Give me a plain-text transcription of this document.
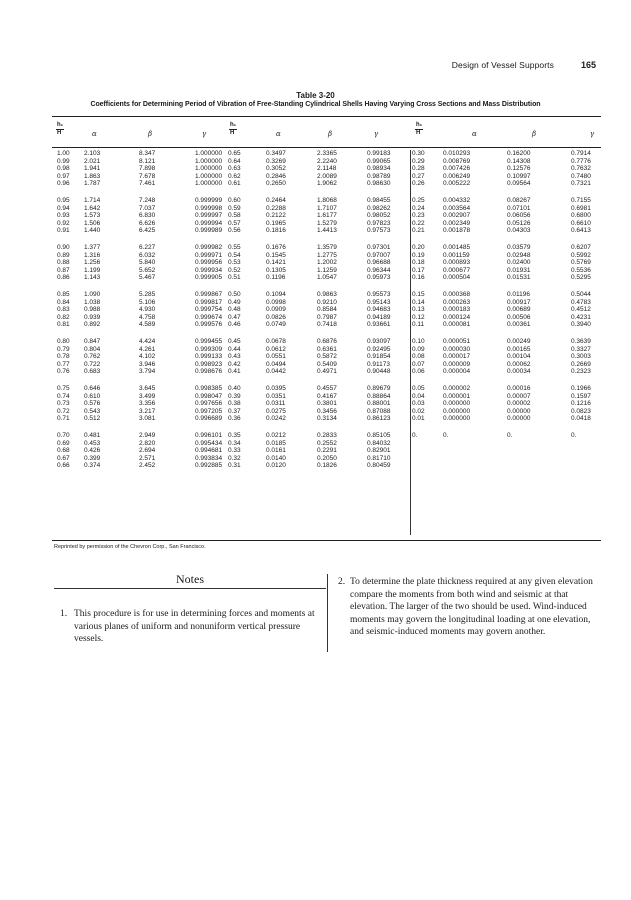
Design of Vessel Supports	165
Table 3-20
Coefficients for Determining Period of Vibration of Free-Standing Cylindrical Shells Having Varying Cross Sections and Mass Distribution
$\frac{\text{h₁}}{H}$	α	β	γ	$\frac{\text{h₁}}{H}$	α	β	γ	$\frac{\text{h₁}}{H}$	α	β	γ
1.00 2.103	8.347	1.000000 0.65	0.3497	2.3365	0.99183	0.30	0.010293	0.16200	0.7914
0.99 2.021	8.121	1.000000 0.64	0.3269	2.2240	0.99065	0.29	0.008769	0.14308	0.7776
0.98 1.941	7.898	1.000000 0.63	0.3052	2.1148	0.98934	0.28	0.007426	0.12576	0.7632
0.97 1.863	7.678	1.000000 0.62	0.2846	2.0089	0.98789	0.27	0.006249	0.10997	0.7480
0.96 1.787	7.461	1.000000 0.61	0.2650	1.9062	0.98630	0.26	0.005222	0.09564	0.7321
0.95 1.714	7.248	0.999999 0.60	0.2464	1.8068	0.98455	0.25	0.004332	0.08267	0.7155
0.94 1.642	7.037	0.999998 0.59	0.2288	1.7107	0.98262	0.24	0.003564	0.07101	0.6981
0.93 1.573	6.830	0.999997 0.58	0.2122	1.6177	0.98052	0.23	0.002907	0.06056	0.6800
0.92 1.506	6.626	0.999994 0.57	0.1965	1.5279	0.97823	0.22	0.002349	0.05126	0.6610
0.91 1.440	6.425	0.999989 0.56	0.1816	1.4413	0.97573	0.21	0.001878	0.04303	0.6413
0.90 1.377	6.227	0.999982 0.55	0.1676	1.3579	0.97301	0.20	0.001485	0.03579	0.6207
0.89 1.316	6.032	0.999971 0.54	0.1545	1.2775	0.97007	0.19	0.001159	0.02948	0.5992
0.88 1.256	5.840	0.999956 0.53	0.1421	1.2002	0.96688	0.18	0.000893	0.02400	0.5769
0.87 1.199	5.652	0.999934 0.52	0.1305	1.1259	0.96344	0.17	0.000677	0.01931	0.5536
0.86 1.143	5.467	0.999905 0.51	0.1196	1.0547	0.95973	0.16	0.000504	0.01531	0.5295
0.85 1.090	5.285	0.999867 0.50	0.1094	0.9863	0.95573	0.15	0.000368	0.01196	0.5044
0.84 1.038	5.106	0.999817 0.49	0.0998	0.9210	0.95143	0.14	0.000263	0.00917	0.4783
0.83 0.988	4.930	0.999754 0.48	0.0909	0.8584	0.94683	0.13	0.000183	0.00689	0.4512
0.82 0.939	4.758	0.999674 0.47	0.0826	0.7987	0.94189	0.12	0.000124	0.00506	0.4231
0.81 0.892	4.589	0.999576 0.46	0.0749	0.7418	0.93661	0.11	0.000081	0.00361	0.3940
0.80 0.847	4.424	0.999455 0.45	0.0678	0.6876	0.93097	0.10	0.000051	0.00249	0.3639
0.79 0.804	4.261	0.999309 0.44	0.0612	0.6361	0.92495	0.09	0.000030	0.00165	0.3327
0.78 0.762	4.102	0.999133 0.43	0.0551	0.5872	0.91854	0.08	0.000017	0.00104	0.3003
0.77 0.722	3.946	0.998923 0.42	0.0494	0.5409	0.91173	0.07	0.000009	0.00062	0.2669
0.76 0.683	3.794	0.998676 0.41	0.0442	0.4971	0.90448	0.06	0.000004	0.00034	0.2323
0.75 0.646	3.645	0.998385 0.40	0.0395	0.4557	0.89679	0.05	0.000002	0.00016	0.1966
0.74 0.610	3.499	0.998047 0.39	0.0351	0.4167	0.88864	0.04	0.000001	0.00007	0.1597
0.73 0.576	3.356	0.997656 0.38	0.0311	0.3801	0.88001	0.03	0.000000	0.00002	0.1216
0.72 0.543	3.217	0.997205 0.37	0.0275	0.3456	0.87088	0.02	0.000000	0.00000	0.0823
0.71 0.512	3.081	0.996689 0.36	0.0242	0.3134	0.86123	0.01	0.000000	0.00000	0.0418
0.70 0.481	2.949	0.996101 0.35	0.0212	0.2833	0.85105	0.	0.	0.	0.
0.69 0.453	2.820	0.995434 0.34	0.0185	0.2552	0.84032
0.68 0.426	2.694	0.994681 0.33	0.0161	0.2291	0.82901
0.67 0.399	2.571	0.993834 0.32	0.0140	0.2050	0.81710
0.66 0.374	2.452	0.992885 0.31	0.0120	0.1826	0.80459
Reprinted by permission of the Chevron Corp., San Francisco.
Notes
1. This procedure is for use in determining forces and moments at various planes of uniform and nonuniform vertical pressure vessels.
2. To determine the plate thickness required at any given elevation compare the moments from both wind and seismic at that elevation. The larger of the two should be used. Wind-induced moments may govern the longitudinal loading at one elevation, and seismic-induced moments may govern another.
